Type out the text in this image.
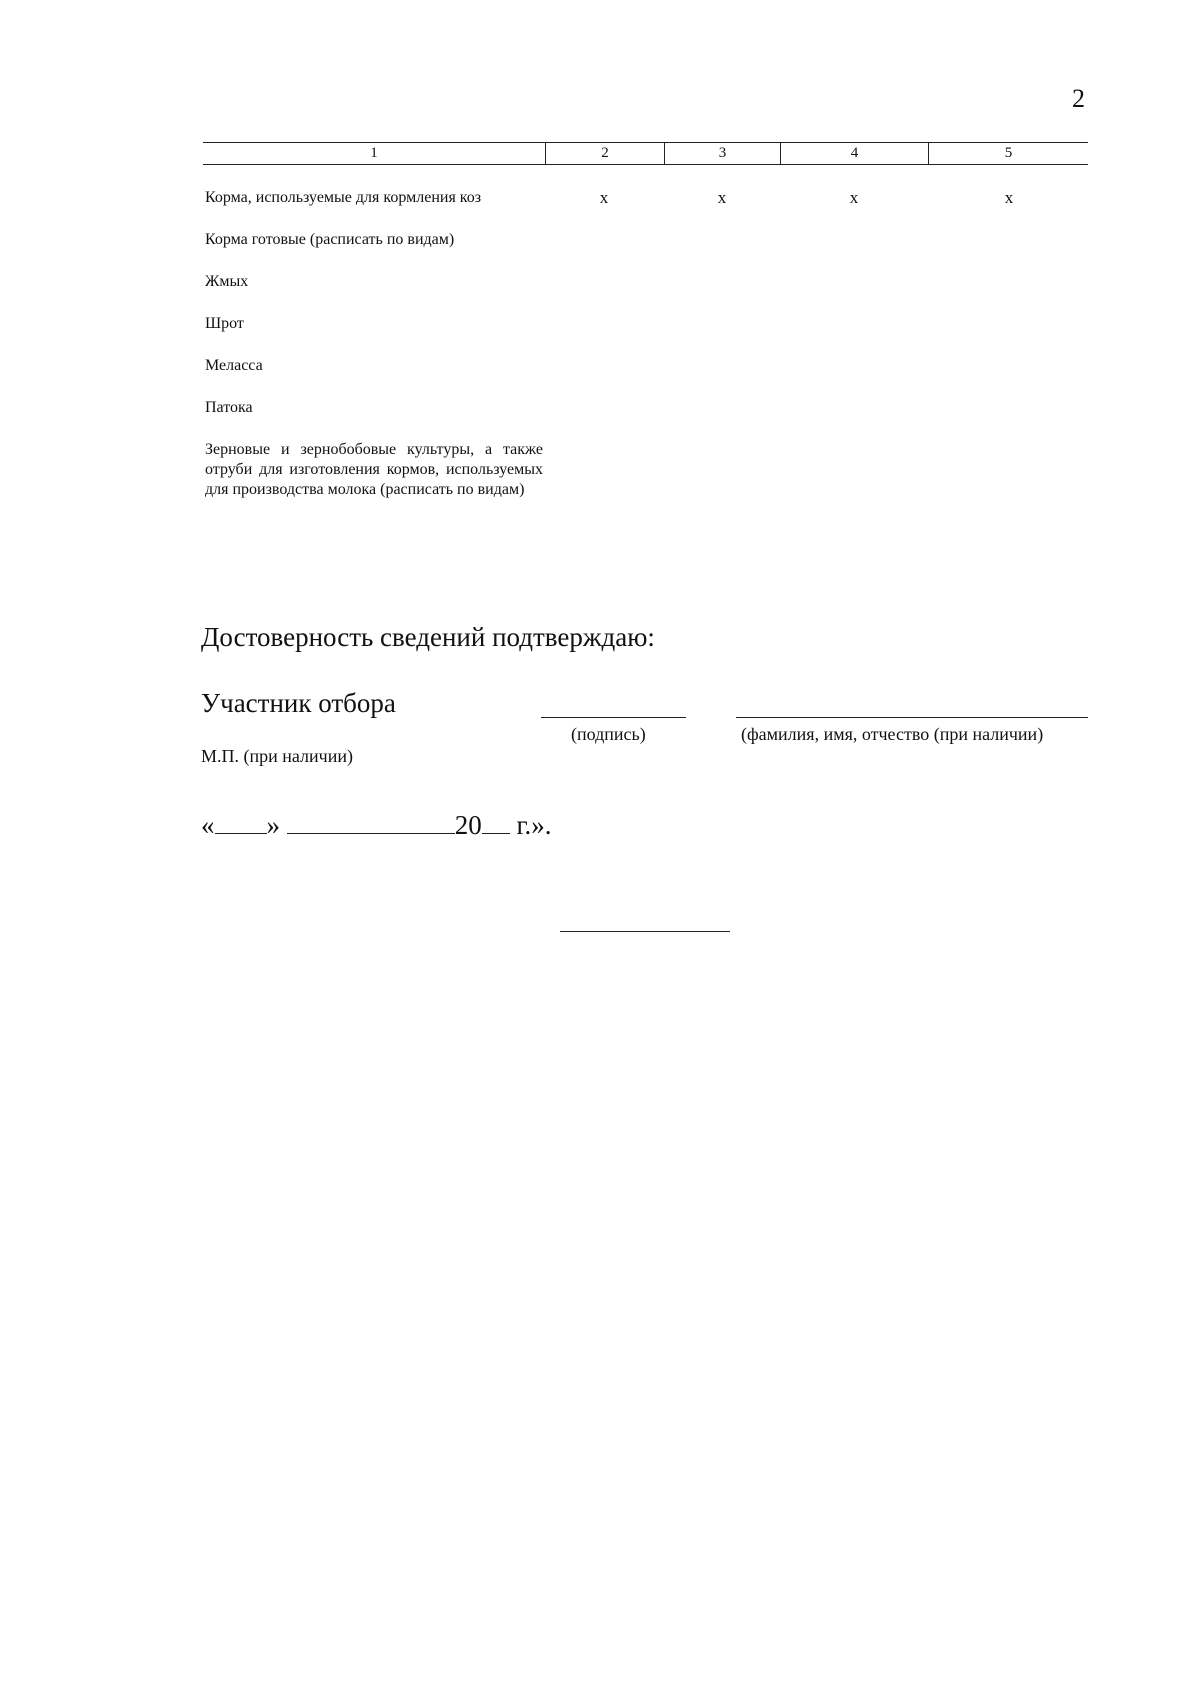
2
1	2	3	4	5
Корма, используемые для кормления коз	х	х	х	х
Корма готовые (расписать по видам)
Жмых
Шрот
Меласса
Патока
Зерновые и зернобобовые культуры, а также отруби для изготовления кормов, используемых для производства молока (расписать по видам)
Достоверность сведений подтверждаю:
Участник отбора
(подпись)	(фамилия, имя, отчество (при наличии)
М.П. (при наличии)
« »	20 г.».
